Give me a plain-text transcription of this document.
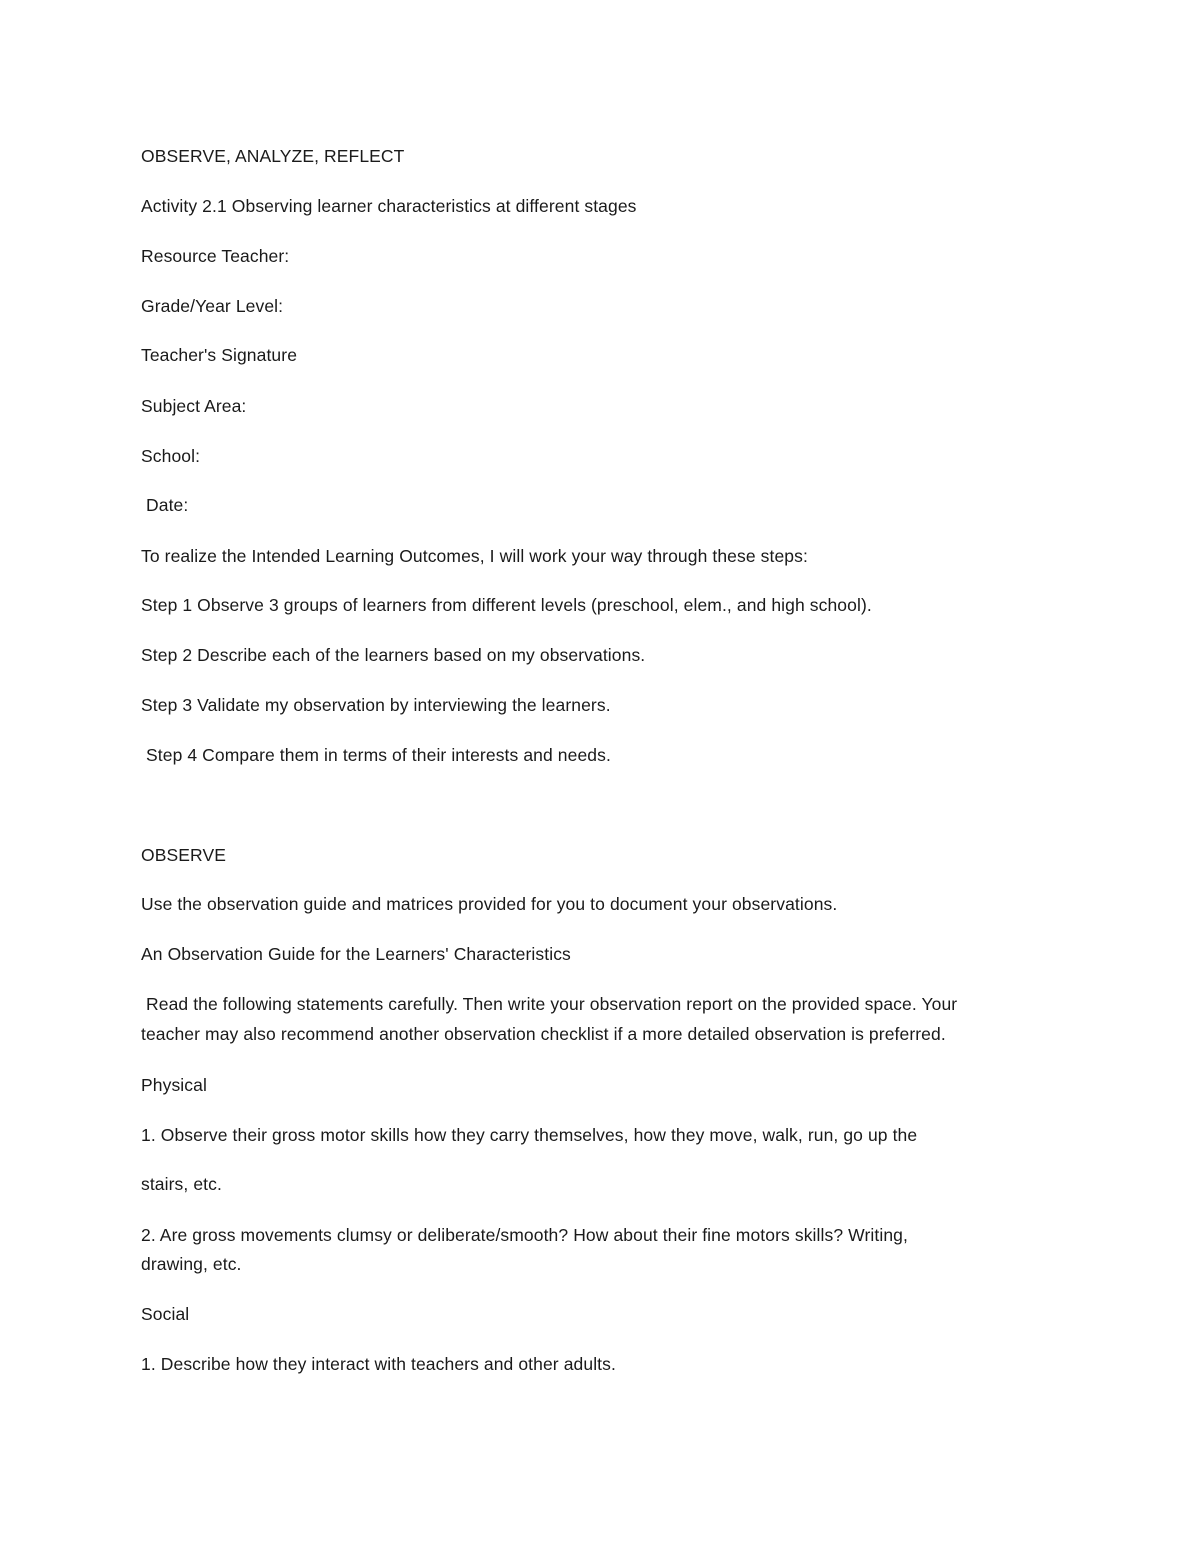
OBSERVE, ANALYZE, REFLECT
Activity 2.1 Observing learner characteristics at different stages
Resource Teacher:
Grade/Year Level:
Teacher's Signature
Subject Area:
School:
Date:
To realize the Intended Learning Outcomes, I will work your way through these steps:
Step 1 Observe 3 groups of learners from different levels (preschool, elem., and high school).
Step 2 Describe each of the learners based on my observations.
Step 3 Validate my observation by interviewing the learners.
Step 4 Compare them in terms of their interests and needs.
OBSERVE
Use the observation guide and matrices provided for you to document your observations.
An Observation Guide for the Learners' Characteristics
Read the following statements carefully. Then write your observation report on the provided space. Your
teacher may also recommend another observation checklist if a more detailed observation is preferred.
Physical
1. Observe their gross motor skills how they carry themselves, how they move, walk, run, go up the
stairs, etc.
2. Are gross movements clumsy or deliberate/smooth? How about their fine motors skills? Writing,
drawing, etc.
Social
1. Describe how they interact with teachers and other adults.
